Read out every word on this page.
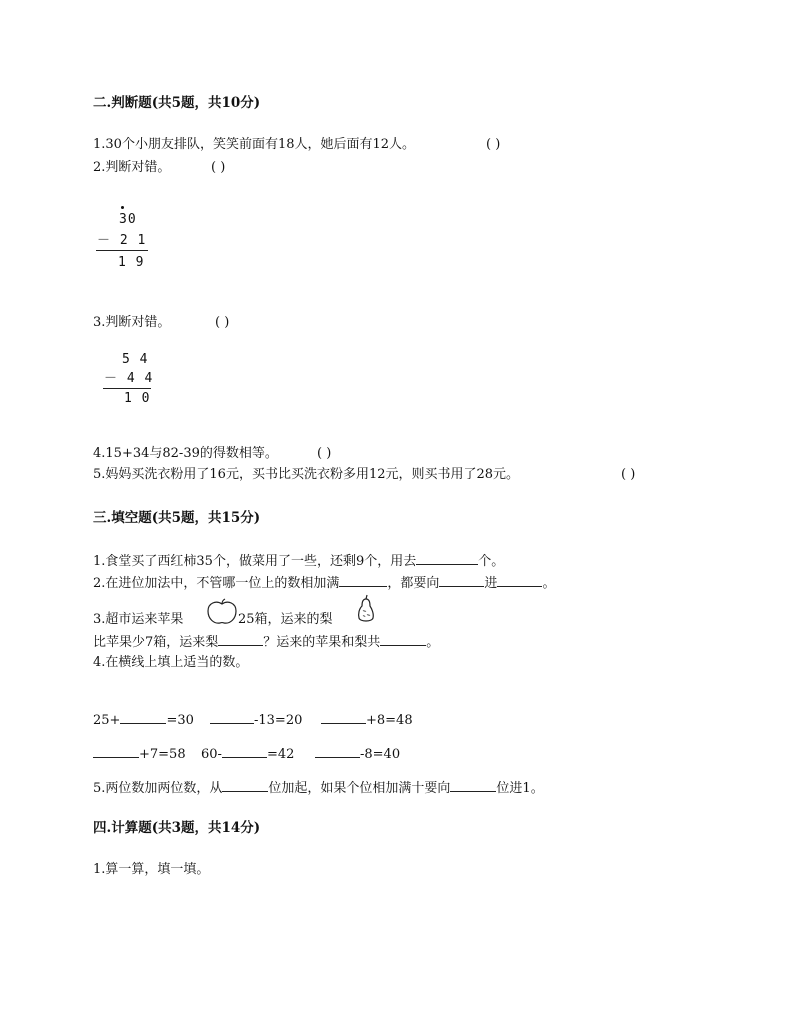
二.判断题(共5题，共10分)
1.30个小朋友排队，笑笑前面有18人，她后面有12人。	( )
2.判断对错。	( )
30
－ 2 1
1 9
3.判断对错。	( )
5 4
－ 4 4
1 0
4.15+34与82-39的得数相等。	( )
5.妈妈买洗衣粉用了16元，买书比买洗衣粉多用12元，则买书用了28元。	( )
三.填空题(共5题，共15分)
1.食堂买了西红柿35个，做菜用了一些，还剩9个，用去	个。
2.在进位加法中，不管哪一位上的数相加满	，都要向	进	。
3.超市运来苹果	25箱，运来的梨
比苹果少7箱，运来梨	？运来的苹果和梨共	。
4.在横线上填上适当的数。
25+	=30	-13=20	+8=48
+7=58 60-	=42	-8=40
5.两位数加两位数，从	位加起，如果个位相加满十要向	位进1。
四.计算题(共3题，共14分)
1.算一算，填一填。
